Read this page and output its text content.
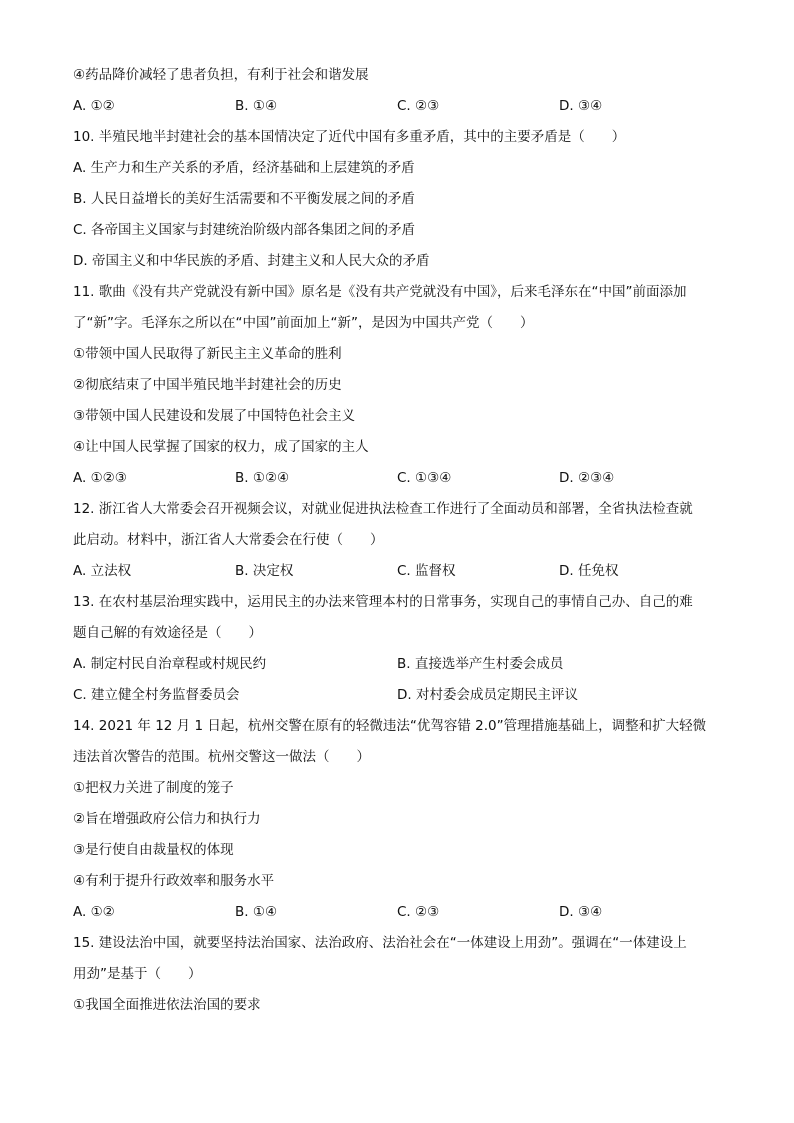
④药品降价减轻了患者负担，有利于社会和谐发展
A. ①②	B. ①④	C. ②③	D. ③④
10. 半殖民地半封建社会的基本国情决定了近代中国有多重矛盾，其中的主要矛盾是（　　）
A. 生产力和生产关系的矛盾，经济基础和上层建筑的矛盾
B. 人民日益增长的美好生活需要和不平衡发展之间的矛盾
C. 各帝国主义国家与封建统治阶级内部各集团之间的矛盾
D. 帝国主义和中华民族的矛盾、封建主义和人民大众的矛盾
11. 歌曲《没有共产党就没有新中国》原名是《没有共产党就没有中国》，后来毛泽东在“中国”前面添加
了“新”字。毛泽东之所以在“中国”前面加上“新”，是因为中国共产党（　　）
①带领中国人民取得了新民主主义革命的胜利
②彻底结束了中国半殖民地半封建社会的历史
③带领中国人民建设和发展了中国特色社会主义
④让中国人民掌握了国家的权力，成了国家的主人
A. ①②③	B. ①②④	C. ①③④	D. ②③④
12. 浙江省人大常委会召开视频会议，对就业促进执法检查工作进行了全面动员和部署，全省执法检查就
此启动。材料中，浙江省人大常委会在行使（　　）
A. 立法权	B. 决定权	C. 监督权	D. 任免权
13. 在农村基层治理实践中，运用民主的办法来管理本村的日常事务，实现自己的事情自己办、自己的难
题自己解的有效途径是（　　）
A. 制定村民自治章程或村规民约	B. 直接选举产生村委会成员
C. 建立健全村务监督委员会	D. 对村委会成员定期民主评议
14. 2021 年 12 月 1 日起，杭州交警在原有的轻微违法“优驾容错 2.0”管理措施基础上，调整和扩大轻微
违法首次警告的范围。杭州交警这一做法（　　）
①把权力关进了制度的笼子
②旨在增强政府公信力和执行力
③是行使自由裁量权的体现
④有利于提升行政效率和服务水平
A. ①②	B. ①④	C. ②③	D. ③④
15. 建设法治中国，就要坚持法治国家、法治政府、法治社会在“一体建设上用劲”。强调在“一体建设上
用劲”是基于（　　）
①我国全面推进依法治国的要求
